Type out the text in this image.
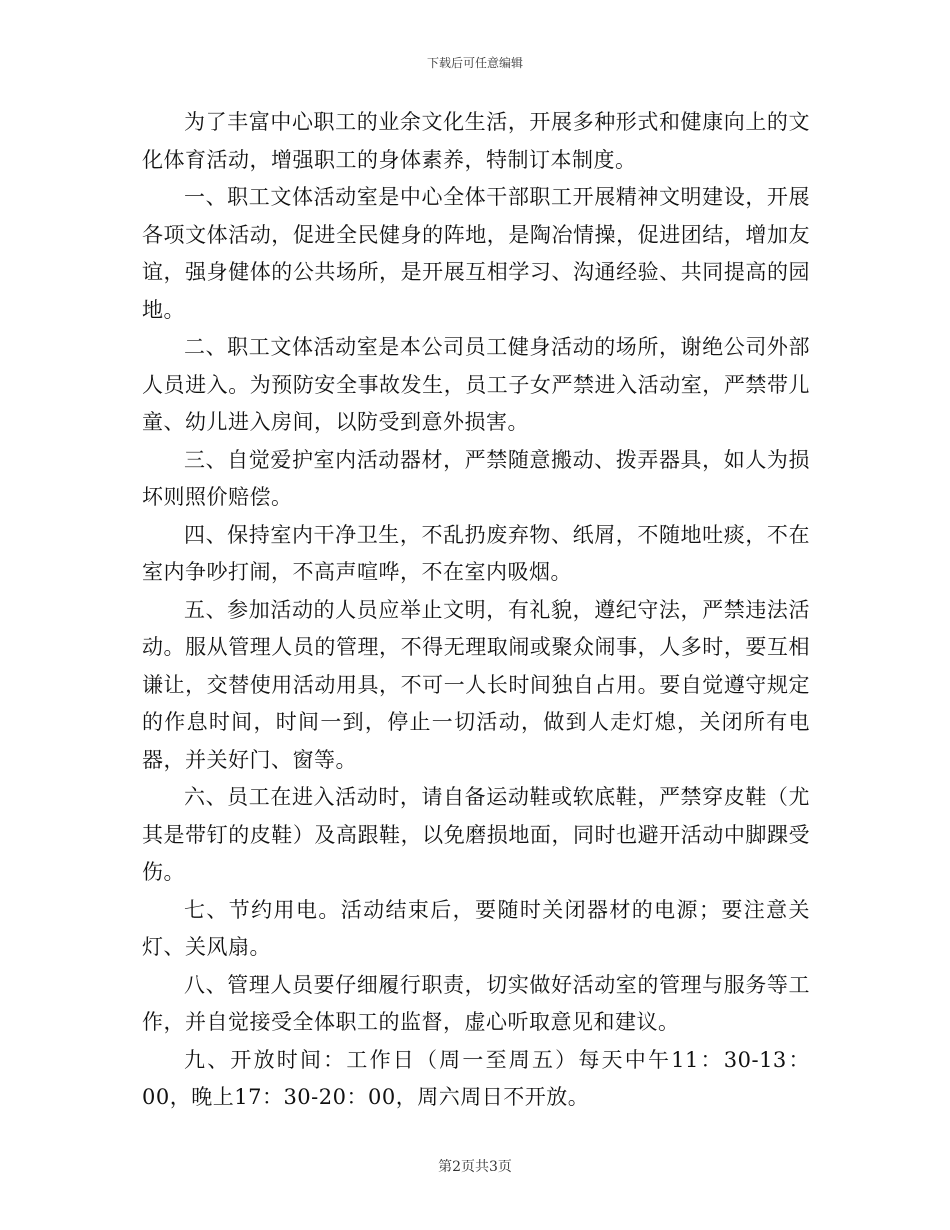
下载后可任意编辑

为了丰富中心职工的业余文化生活，开展多种形式和健康向上的文化体育活动，增强职工的身体素养，特制订本制度。

一、职工文体活动室是中心全体干部职工开展精神文明建设，开展各项文体活动，促进全民健身的阵地，是陶冶情操，促进团结，增加友谊，强身健体的公共场所，是开展互相学习、沟通经验、共同提高的园地。

二、职工文体活动室是本公司员工健身活动的场所，谢绝公司外部人员进入。为预防安全事故发生，员工子女严禁进入活动室，严禁带儿童、幼儿进入房间，以防受到意外损害。

三、自觉爱护室内活动器材，严禁随意搬动、拨弄器具，如人为损坏则照价赔偿。

四、保持室内干净卫生，不乱扔废弃物、纸屑，不随地吐痰，不在室内争吵打闹，不高声喧哗，不在室内吸烟。

五、参加活动的人员应举止文明，有礼貌，遵纪守法，严禁违法活动。服从管理人员的管理，不得无理取闹或聚众闹事，人多时，要互相谦让，交替使用活动用具，不可一人长时间独自占用。要自觉遵守规定的作息时间，时间一到，停止一切活动，做到人走灯熄，关闭所有电器，并关好门、窗等。

六、员工在进入活动时，请自备运动鞋或软底鞋，严禁穿皮鞋（尤其是带钉的皮鞋）及高跟鞋，以免磨损地面，同时也避开活动中脚踝受伤。

七、节约用电。活动结束后，要随时关闭器材的电源；要注意关灯、关风扇。

八、管理人员要仔细履行职责，切实做好活动室的管理与服务等工作，并自觉接受全体职工的监督，虚心听取意见和建议。

九、开放时间：工作日（周一至周五）每天中午11：30-13：00，晚上17：30-20：00，周六周日不开放。

第2页共3页
